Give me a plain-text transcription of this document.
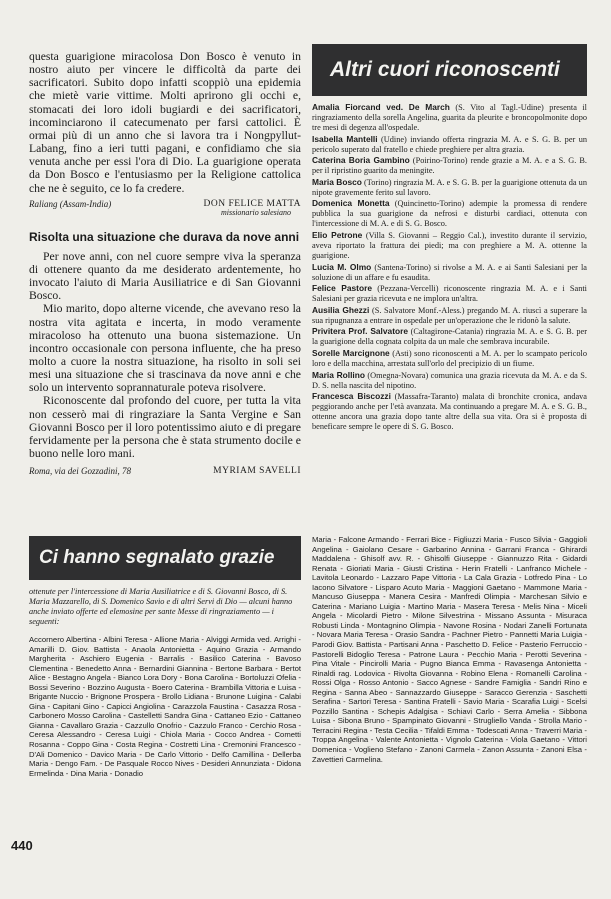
questa guarigione miracolosa Don Bosco è venuto in nostro aiuto per vincere le difficoltà da parte dei sacrificatori. Subito dopo infatti scoppiò una epidemia che mietè varie vittime. Molti aprirono gli occhi e, stomacati dei loro idoli bugiardi e dei sacrificatori, incominciarono il catecumenato per farsi cattolici. È ormai più di un anno che si lavora tra i Nongpyllut-Labang, fino a ieri tutti pagani, e confidiamo che sia venuta anche per essi l'ora di Dio. La guarigione operata da Don Bosco e l'entusiasmo per la Religione cattolica che ne è seguito, ce lo fa credere.

Raliang (Assam-India)	DON FELICE MATTA
missionario salesiano
Risolta una situazione che durava da nove anni

Per nove anni, con nel cuore sempre viva la speranza di ottenere quanto da me desiderato ardentemente, ho invocato l'aiuto di Maria Ausiliatrice e di San Giovanni Bosco.

Mio marito, dopo alterne vicende, che avevano reso la nostra vita agitata e incerta, in modo veramente miracoloso ha ottenuto una buona sistemazione. Un incontro occasionale con persona influente, che ha preso molto a cuore la nostra situazione, ha risolto in soli sei mesi una situazione che si trascinava da nove anni e che solo un intervento soprannaturale poteva risolvere.

Riconoscente dal profondo del cuore, per tutta la vita non cesserò mai di ringraziare la Santa Vergine e San Giovanni Bosco per il loro potentissimo aiuto e di pregare fervidamente per la persona che è stata strumento docile e buono nelle loro mani.

Roma, via dei Gozzadini, 78	MYRIAM SAVELLI
Altri cuori riconoscenti
Amalia Fiorcand ved. De March (S. Vito al Tagl.-Udine) presenta il ringraziamento della sorella Angelina, guarita da pleurite e broncopolmonite dopo tre mesi di degenza all'ospedale.
Isabella Mantelli (Udine) inviando offerta ringrazia M. A. e S. G. B. per un pericolo superato dal fratello e chiede preghiere per altra grazia.
Caterina Boria Gambino (Poirino-Torino) rende grazie a M. A. e a S. G. B. per il ripristino guarito da meningite.
Maria Bosco (Torino) ringrazia M. A. e S. G. B. per la guarigione ottenuta da un nipote gravemente ferito sul lavoro.
Domenica Monetta (Quincinetto-Torino) adempie la promessa di rendere pubblica la sua guarigione da nefrosi e disturbi cardiaci, ottenuta con l'intercessione di M. A. e di S. G. Bosco.
Elio Petrone (Villa S. Giovanni – Reggio Cal.), investito durante il servizio, aveva riportato la frattura dei piedi; ma con preghiere a M. A. ottenne la guarigione.
Lucia M. Olmo (Santena-Torino) si rivolse a M. A. e ai Santi Salesiani per la soluzione di un affare e fu esaudita.
Felice Pastore (Pezzana-Vercelli) riconoscente ringrazia M. A. e i Santi Salesiani per grazia ricevuta e ne implora un'altra.
Ausilia Ghezzi (S. Salvatore Monf.-Aless.) pregando M. A. riuscì a superare la sua ripugnanza a entrare in ospedale per un'operazione che le ridonò la salute.
Privitera Prof. Salvatore (Caltagirone-Catania) ringrazia M. A. e S. G. B. per la guarigione della cognata colpita da un male che sembrava incurabile.
Sorelle Marcignone (Asti) sono riconoscenti a M. A. per lo scampato pericolo loro e della macchina, arrestata sull'orlo del precipizio di un fiume.
Maria Rollino (Omegna-Novara) comunica una grazia ricevuta da M. A. e da S. D. S. nella nascita del nipotino.
Francesca Biscozzi (Massafra-Taranto) malata di bronchite cronica, andava peggiorando anche per l'età avanzata. Ma continuando a pregare M. A. e S. G. B., ottenne ancora una grazia dopo tante altre della sua vita. Ora si è proposta di beneficare sempre le opere di S. G. Bosco.
Ci hanno segnalato grazie
ottenute per l'intercessione di Maria Ausiliatrice e di S. Giovanni Bosco, di S. Maria Mazzarello, di S. Domenico Savio e di altri Servi di Dio — alcuni hanno anche inviato offerte ed elemosine per sante Messe di ringraziamento — i seguenti:
Accornero Albertina - Albini Teresa - Allione Maria - Alviggi Armida ved. Arrighi - Amarilli D. Giov. Battista - Anaola Antonietta - Aquino Grazia - Armando Margherita - Aschiero Eugenia - Barralis - Basilico Caterina - Bavoso Clementina - Benedetto Anna - Bernardini Giannina - Bertone Barbara - Bertot Alice - Bestagno Angela - Bianco Lora Dory - Bona Carolina - Bortoluzzi Ofelia - Bossi Severino - Bozzino Augusta - Boero Caterina - Brambilla Vittoria e Luisa - Brigante Nuccio - Brignone Prospera - Brollo Lidiana - Brunone Luigina - Calabi Gina - Capitani Gino - Capicci Angiolina - Carazzola Faustina - Casazza Rosa - Carbonero Mosso Carolina - Castelletti Sandra Gina - Cattaneo Ezio - Cattaneo Gianna - Cavallaro Grazia - Cazzullo Onofrio - Cazzulo Franco - Cerchio Rosa - Ceresa Alessandro - Ceresa Luigi - Chiola Maria - Cocco Andrea - Cometti Rosanna - Coppo Gina - Costa Regina - Costretti Lina - Cremonini Francesco - D'Ali Domenico - Davico Maria - De Carlo Vittorio - Delfo Camillina - Dellerba Maria - Dengo Fam. - De Pasquale Rocco Nives - Desideri Annunziata - Didona Ermelinda - Dina Maria - Donadio
Maria - Falcone Armando - Ferrari Bice - Figliuzzi Maria - Fusco Silvia - Gaggioli Angelina - Gaiolano Cesare - Garbarino Annina - Garrani Franca - Ghirardi Maddalena - Ghisolf avv. R. - Ghisolfi Giuseppe - Giannuzzo Rita - Gidardi Renata - Gioriati Maria - Giusti Cristina - Herin Fratelli - Lanfranco Michele - Lavitola Leonardo - Lazzaro Pape Vittoria - La Cala Grazia - Lotfredo Pina - Lo Iacono Silvatore - Lisparo Acuto Maria - Maggioni Gaetano - Mammone Maria - Mancuso Giuseppa - Manera Cesira - Manfredi Olimpia - Marchesan Silvio e Caterina - Mariano Luigia - Martino Maria - Masera Teresa - Melis Nina - Miceli Angela - Micolardi Pietro - Milone Silvestrina - Missano Assunta - Misuraca Robusti Linda - Montagnino Olimpia - Navone Rosina - Nodari Zanelli Fortunata - Novara Maria Teresa - Orasio Sandra - Pachner Pietro - Pannetti Maria Luigia - Parodi Giov. Battista - Partisani Anna - Paschetto D. Felice - Pasterio Ferruccio - Pastorelli Bidoglio Teresa - Patrone Laura - Pecchio Maria - Perotti Severina - Pina Vitale - Pincirolli Maria - Pugno Bianca Emma - Ravasenga Antonietta - Rinaldi rag. Lodovica - Rivolta Giovanna - Robino Elena - Romanelli Carolina - Rossi Olga - Rosso Antonio - Sacco Agnese - Sandre Famiglia - Sandri Rino e Regina - Sanna Abeo - Sannazzardo Giuseppe - Saracco Gerenzia - Saschetti Serafina - Sartori Teresa - Santina Fratelli - Savio Maria - Scarafia Luigi - Scelsi Pozzillo Santina - Schepis Adalgisa - Schiavi Carlo - Serra Amelia - Sibbona Luisa - Sibona Bruno - Spampinato Giovanni - Strugliello Vanda - Strolla Mario - Terracini Regina - Testa Cecilia - Tifaldi Emma - Todescati Anna - Traverri Maria - Troppa Angelina - Valente Antonietta - Vignolo Caterina - Viola Gaetano - Vittori Domenica - Voglieno Stefano - Zanoni Carmela - Zanon Assunta - Zanoni Elsa - Zavettieri Carmelina.
440
